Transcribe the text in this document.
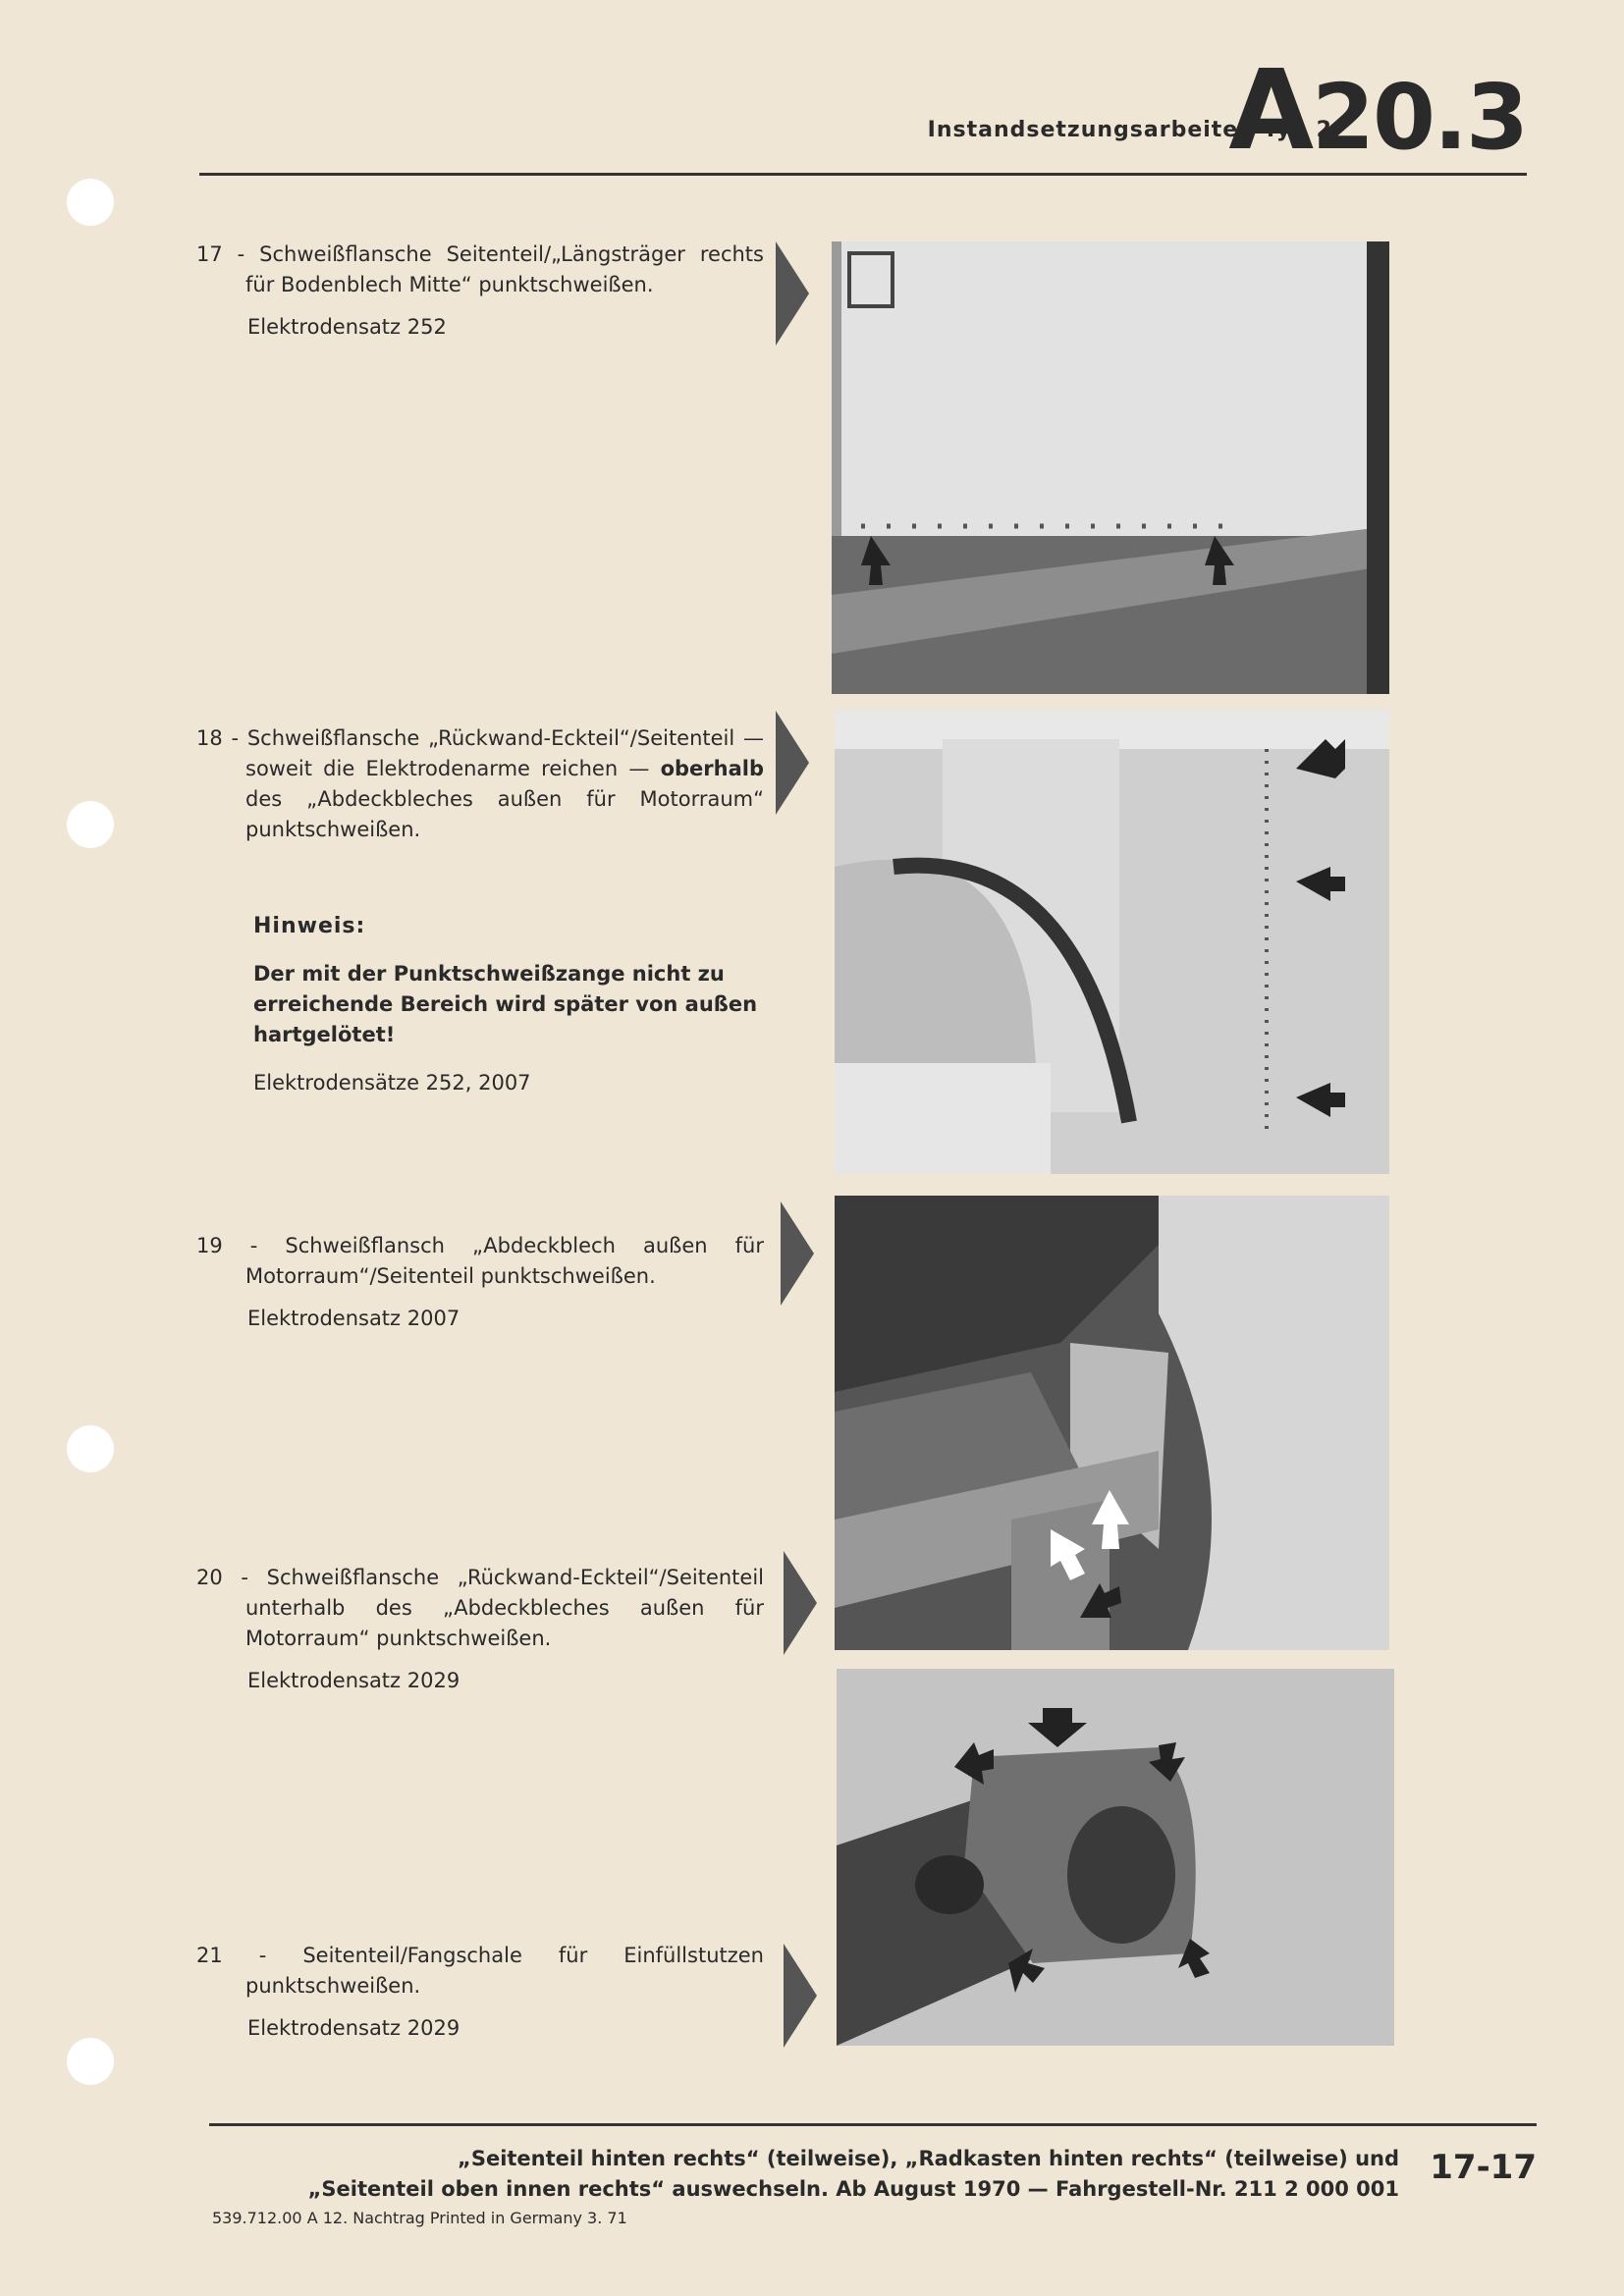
Instandsetzungsarbeiten Typ 2
A20.3
17 - Schweißflansche Seitenteil/„Längsträger rechts für Bodenblech Mitte“ punktschweißen.
Elektrodensatz 252
18 - Schweißflansche „Rückwand-Eckteil“/Seitenteil — soweit die Elektrodenarme reichen — oberhalb des „Abdeckbleches außen für Motorraum“ punktschweißen.
Hinweis:
Der mit der Punktschweißzange nicht zu erreichende Bereich wird später von außen hartgelötet!
Elektrodensätze 252, 2007
19 - Schweißflansch „Abdeckblech außen für Motorraum“/Seitenteil punktschweißen.
Elektrodensatz 2007
20 - Schweißflansche „Rückwand-Eckteil“/Seitenteil unterhalb des „Abdeckbleches außen für Motorraum“ punktschweißen.
Elektrodensatz 2029
21 - Seitenteil/Fangschale für Einfüllstutzen punktschweißen.
Elektrodensatz 2029
„Seitenteil hinten rechts“ (teilweise), „Radkasten hinten rechts“ (teilweise) und
„Seitenteil oben innen rechts“ auswechseln. Ab August 1970 — Fahrgestell-Nr. 211 2 000 001
17-17
539.712.00 A 12. Nachtrag Printed in Germany 3. 71
